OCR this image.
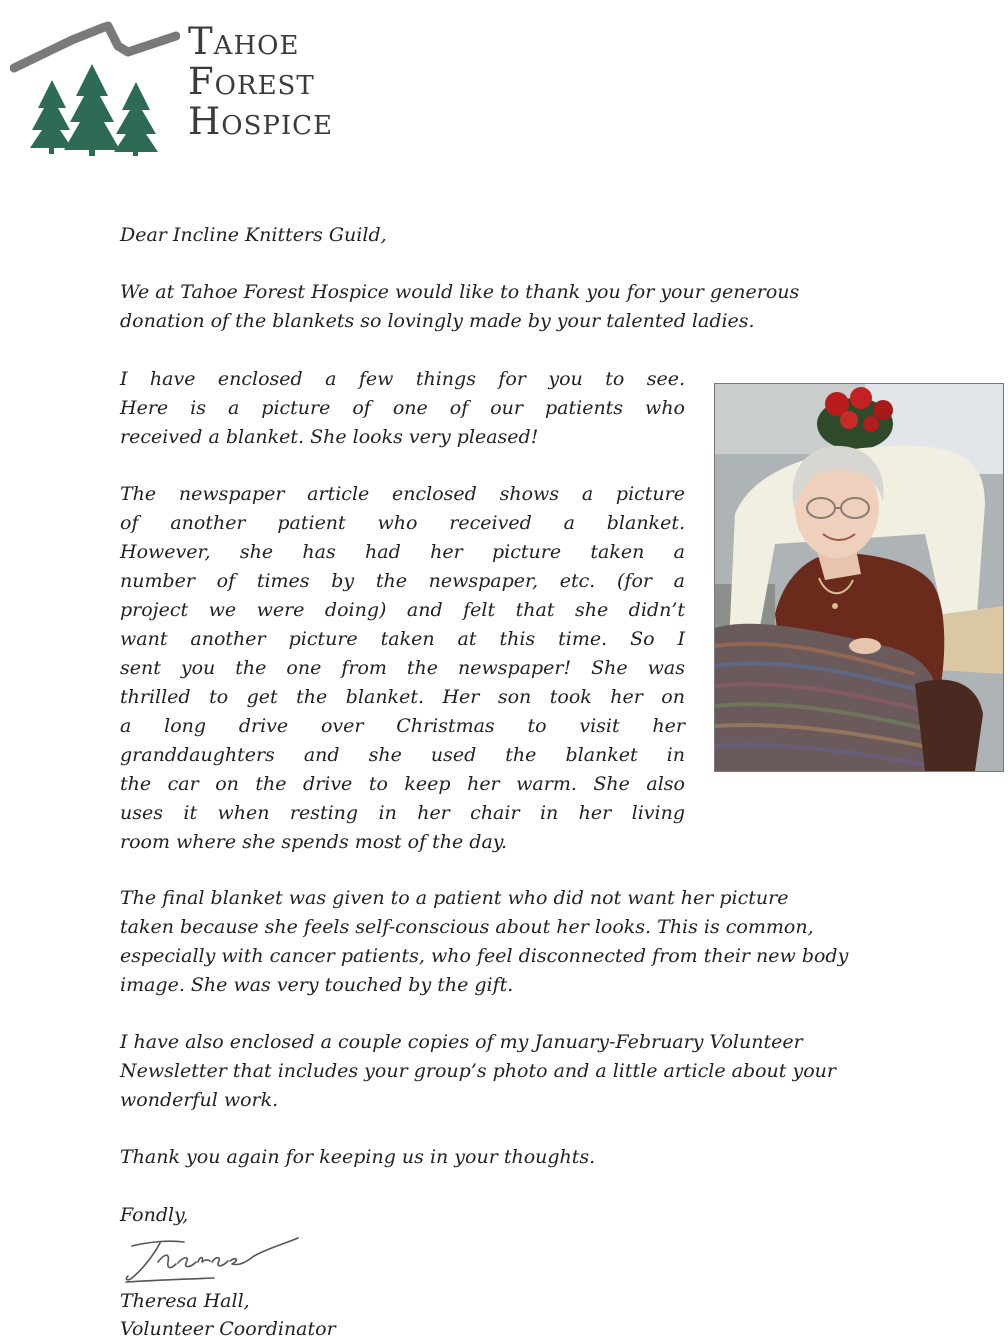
Tahoe
Forest
Hospice
Dear Incline Knitters Guild,
We at Tahoe Forest Hospice would like to thank you for your generous
donation of the blankets so lovingly made by your talented ladies.
I have enclosed a few things for you to see.
Here is a picture of one of our patients who
received a blanket. She looks very pleased!
The newspaper article enclosed shows a picture
of another patient who received a blanket.
However, she has had her picture taken a
number of times by the newspaper, etc. (for a
project we were doing) and felt that she didn’t
want another picture taken at this time. So I
sent you the one from the newspaper! She was
thrilled to get the blanket. Her son took her on
a long drive over Christmas to visit her
granddaughters and she used the blanket in
the car on the drive to keep her warm. She also
uses it when resting in her chair in her living
room where she spends most of the day.
The final blanket was given to a patient who did not want her picture
taken because she feels self-conscious about her looks. This is common,
especially with cancer patients, who feel disconnected from their new body
image. She was very touched by the gift.
I have also enclosed a couple copies of my January-February Volunteer
Newsletter that includes your group’s photo and a little article about your
wonderful work.
Thank you again for keeping us in your thoughts.
Fondly,
Theresa Hall,
Volunteer Coordinator
